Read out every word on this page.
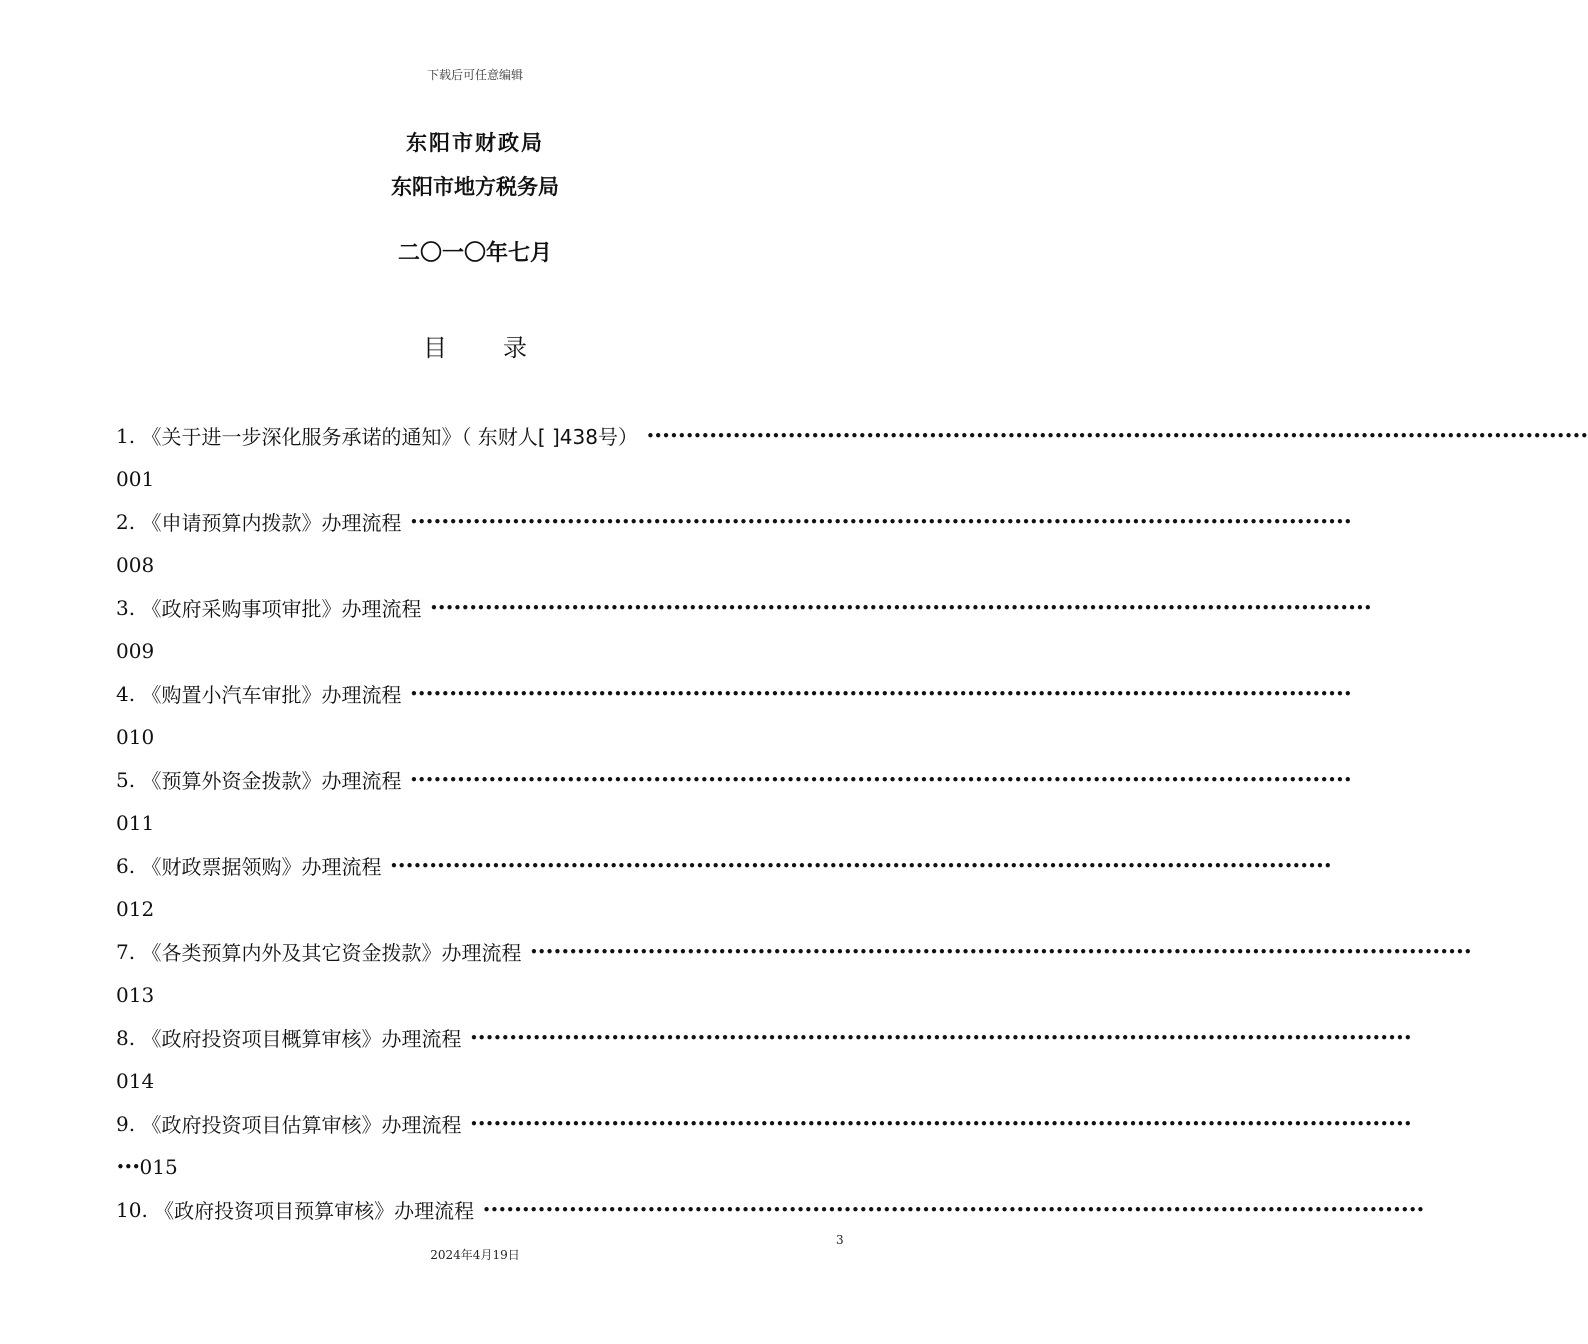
下载后可任意编辑
东阳市财政局
东阳市地方税务局
二〇一〇年七月
目 录
1.
《关于进一步深化服务承诺的通知》（ 东财人[ ]438号） ••••••••••••••••••••••••••••••••••••••••••••••••••••••••••••••••••••••••••••••••••••••••••••••••••••••••••••••••••••••••
001
2.
《申请预算内拨款》办理流程 ••••••••••••••••••••••••••••••••••••••••••••••••••••••••••••••••••••••••••••••••••••••••••••••••••••••••••••••••••••••••
008
3.
《政府采购事项审批》办理流程 ••••••••••••••••••••••••••••••••••••••••••••••••••••••••••••••••••••••••••••••••••••••••••••••••••••••••••••••••••••••••
009
4.
《购置小汽车审批》办理流程 ••••••••••••••••••••••••••••••••••••••••••••••••••••••••••••••••••••••••••••••••••••••••••••••••••••••••••••••••••••••••
010
5.
《预算外资金拨款》办理流程 ••••••••••••••••••••••••••••••••••••••••••••••••••••••••••••••••••••••••••••••••••••••••••••••••••••••••••••••••••••••••
011
6.
《财政票据领购》办理流程 ••••••••••••••••••••••••••••••••••••••••••••••••••••••••••••••••••••••••••••••••••••••••••••••••••••••••••••••••••••••••
012
7.
《各类预算内外及其它资金拨款》办理流程 ••••••••••••••••••••••••••••••••••••••••••••••••••••••••••••••••••••••••••••••••••••••••••••••••••••••••••••••••••••••••
013
8.
《政府投资项目概算审核》办理流程 ••••••••••••••••••••••••••••••••••••••••••••••••••••••••••••••••••••••••••••••••••••••••••••••••••••••••••••••••••••••••
014
9.
《政府投资项目估算审核》办理流程 ••••••••••••••••••••••••••••••••••••••••••••••••••••••••••••••••••••••••••••••••••••••••••••••••••••••••••••••••••••••••
••• 015
10.
《政府投资项目预算审核》办理流程 ••••••••••••••••••••••••••••••••••••••••••••••••••••••••••••••••••••••••••••••••••••••••••••••••••••••••••••••••••••••••
3
2024年4月19日
